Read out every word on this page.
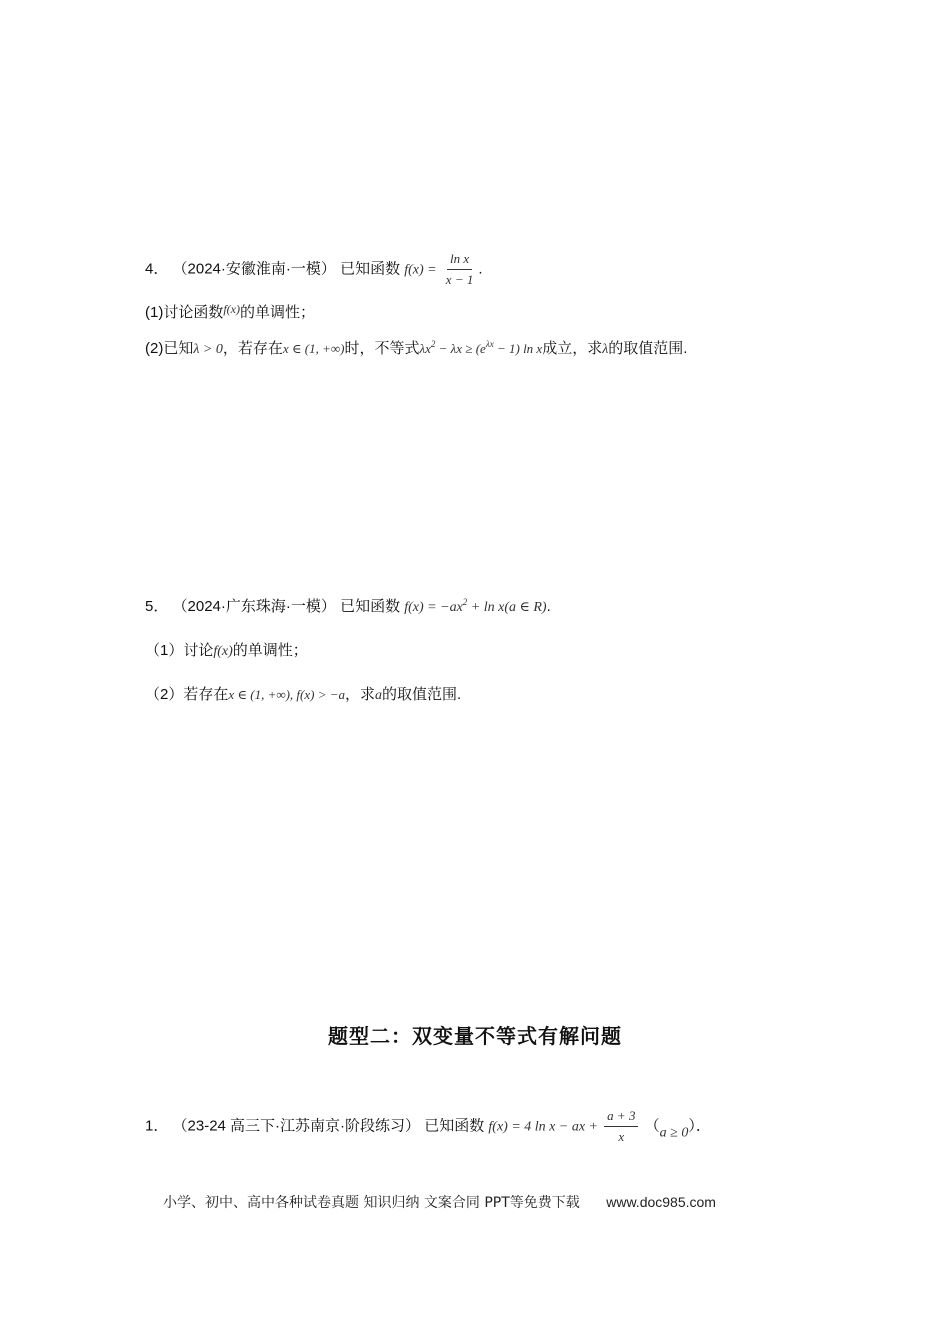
4． （2024·安徽淮南·一模） 已知函数 $f(x) = \frac{\text{ln x}}{x - 1}$ .
(1)讨论函数$^{f(x)}$的单调性；
(2)已知λ > 0，若存在x ∈ (1, +∞)时，不等式$\lambda x^2 - \lambda x \ge (e^{\lambda x} - 1)$ ln x成立，求λ的取值范围.
5． （2024·广东珠海·一模） 已知函数 $f(x) = -ax^2 + \ln x(a$ ∈ R).
（1）讨论f(x)的单调性；
（2）若存在x ∈ (1, +∞), f(x) > −a，求a的取值范围.
题型二：双变量不等式有解问题
1． （23-24 高三下·江苏南京·阶段练习） 已知函数 f(x) = 4 ln x − ax + $\frac{a + 3}{x} (a \ge 0)$．
小学、初中、高中各种试卷真题 知识归纳 文案合同 PPT等免费下载 www.doc985.com
